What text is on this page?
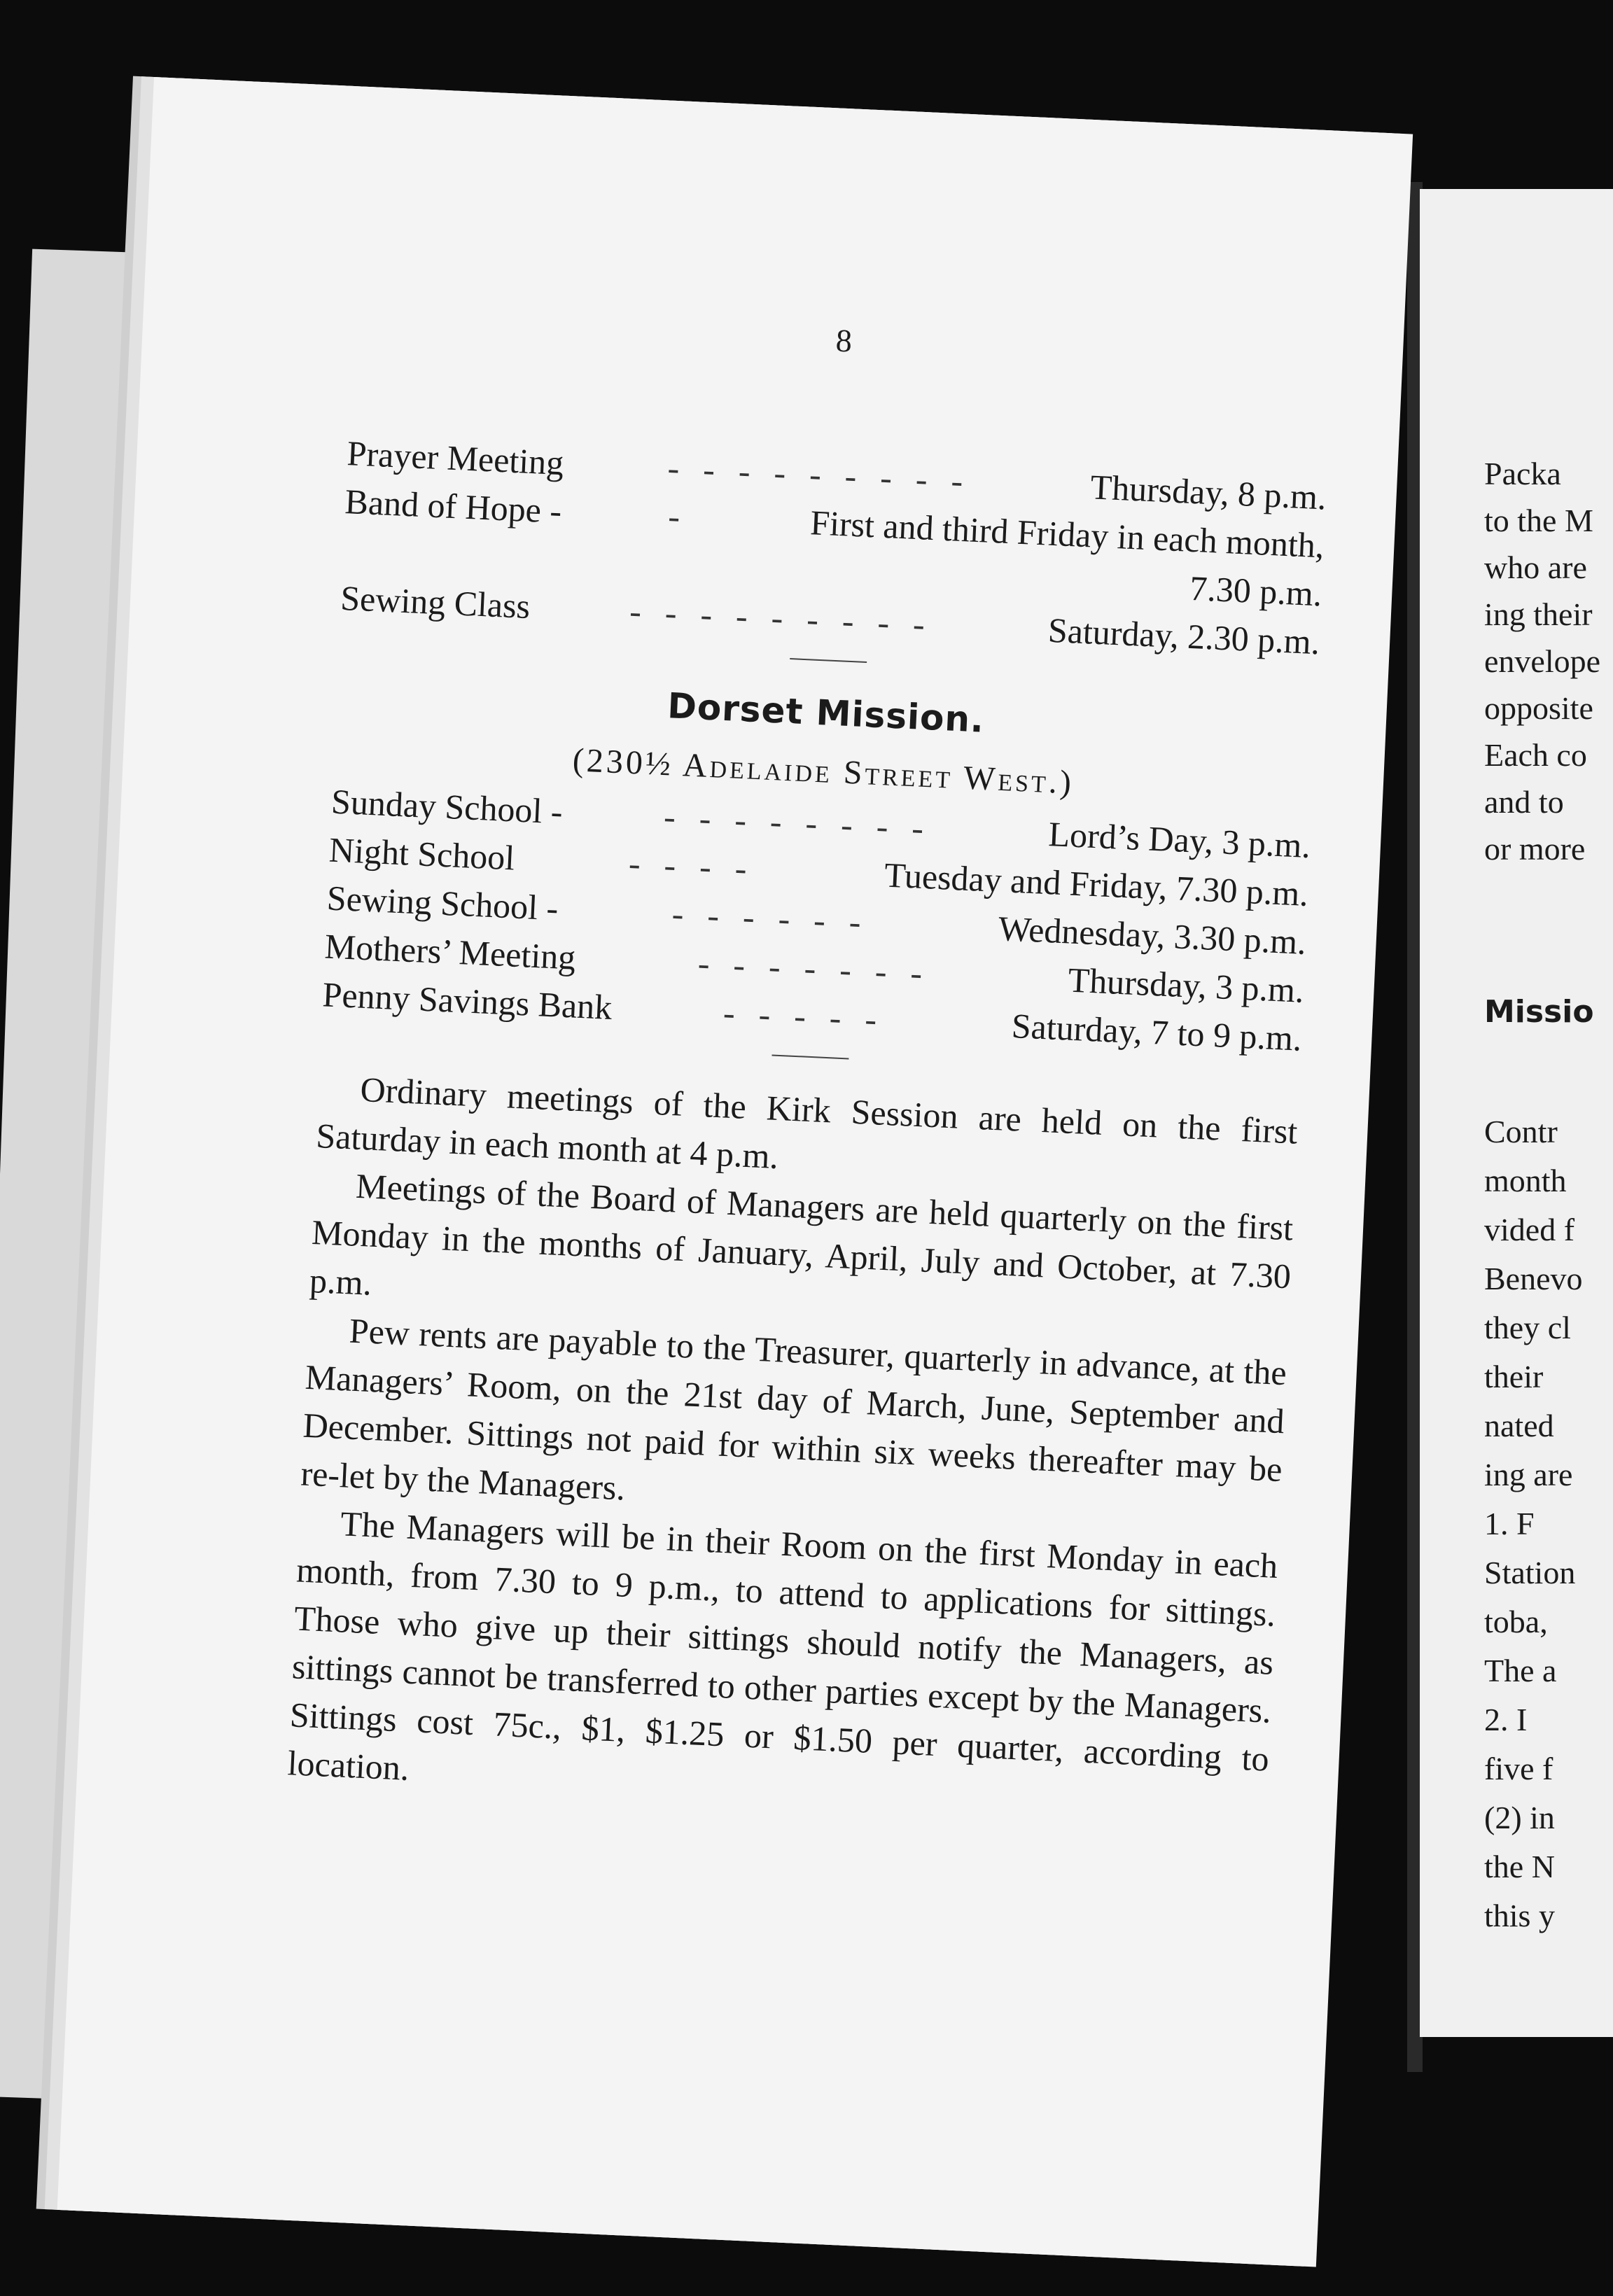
8
Prayer Meeting	---------	Thursday, 8 p.m.
Band of Hope -	-	First and third Friday in each month,
7.30 p.m.
Sewing Class	---------	Saturday, 2.30 p.m.
Dorset Mission.
(230½ Adelaide Street West.)
Sunday School -	--------	Lord’s Day, 3 p.m.
Night School	----	Tuesday and Friday, 7.30 p.m.
Sewing School -	------	Wednesday, 3.30 p.m.
Mothers’ Meeting	-------	Thursday, 3 p.m.
Penny Savings Bank	-----	Saturday, 7 to 9 p.m.

Ordinary meetings of the Kirk Session are held on the first Saturday in each month at 4 p.m.

Meetings of the Board of Managers are held quarterly on the first Monday in the months of January, April, July and October, at 7.30 p.m.

Pew rents are payable to the Treasurer, quarterly in advance, at the Managers’ Room, on the 21st day of March, June, September and December. Sittings not paid for within six weeks thereafter may be re-let by the Managers.

The Managers will be in their Room on the first Monday in each month, from 7.30 to 9 p.m., to attend to applications for sittings. Those who give up their sittings should notify the Managers, as sittings cannot be transferred to other parties except by the Managers. Sittings cost 75c., $1, $1.25 or $1.50 per quarter, according to location.

Packa
to the M
who are
ing their
envelope
opposite
Each co
and to
or more
Missio
Contr
month
vided f
Benevo
they cl
their
nated
ing are
1. F
Station
toba,
The a
2. I
five f
(2) in
the N
this y
